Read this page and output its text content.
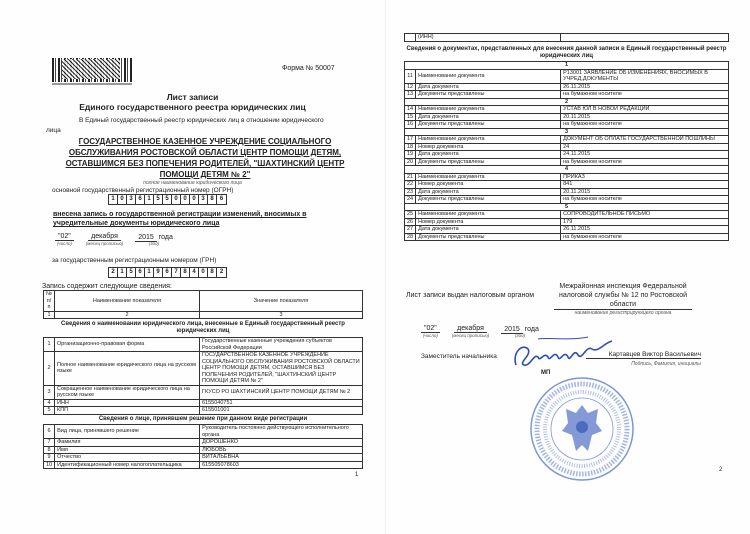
Форма № 50007
Лист записи
Единого государственного реестра юридических лиц
В Единый государственный реестр юридических лиц в отношении юридического
лица
ГОСУДАРСТВЕННОЕ КАЗЕННОЕ УЧРЕЖДЕНИЕ СОЦИАЛЬНОГО ОБСЛУЖИВАНИЯ РОСТОВСКОЙ ОБЛАСТИ ЦЕНТР ПОМОЩИ ДЕТЯМ, ОСТАВШИМСЯ БЕЗ ПОПЕЧЕНИЯ РОДИТЕЛЕЙ, "ШАХТИНСКИЙ ЦЕНТР ПОМОЩИ ДЕТЯМ № 2"
полное наименование юридического лица
основной государственный регистрационный номер (ОГРН)
1 0 3 6 1 5 5 0 0 0 3 8	6
внесена запись о государственной регистрации изменений, вносимых в учредительные документы юридического лица
"02"
(число)
декабря
(месяц прописью)
2015 года
(год)
за государственным регистрационным номером (ГРН)
2 1 5 6 1 9 6 7 8 4 0 8	2
Запись содержит следующие сведения:
№ п/п	Наименование показателя	Значение показателя
1	2	3
Сведения о наименовании юридического лица, внесенные в Единый государственный реестр юридических лиц
1	Организационно-правовая форма	Государственные казенные учреждения субъектов Российской Федерации
2	Полное наименование юридического лица на русском языке	ГОСУДАРСТВЕННОЕ КАЗЕННОЕ УЧРЕЖДЕНИЕ СОЦИАЛЬНОГО ОБСЛУЖИВАНИЯ РОСТОВСКОЙ ОБЛАСТИ ЦЕНТР ПОМОЩИ ДЕТЯМ, ОСТАВШИМСЯ БЕЗ ПОПЕЧЕНИЯ РОДИТЕЛЕЙ, "ШАХТИНСКИЙ ЦЕНТР ПОМОЩИ ДЕТЯМ № 2"
3	Сокращенное наименование юридического лица на русском языке	ГКУСО РО ШАХТИНСКИЙ ЦЕНТР ПОМОЩИ ДЕТЯМ № 2
4	ИНН	6155040751
5	КПП	615501001
Сведения о лице, принявшем решение при данном виде регистрации
6	Вид лица, принявшего решение	Руководитель постоянно действующего исполнительного органа
7	Фамилия	ДОРОШЕНКО
8	Имя	ЛЮБОВЬ
9	Отчество	ВИТАЛЬЕВНА
10	Идентификационный номер налогоплательщика	615505078603
1
	(ИНН)	
Сведения о документах, представленных для внесения данной записи в Единый государственный реестр юридических лиц
1		
11	Наименование документа	Р13001 ЗАЯВЛЕНИЕ ОБ ИЗМЕНЕНИЯХ, ВНОСИМЫХ В УЧРЕД.ДОКУМЕНТЫ
12	Дата документа	26.11.2015
13	Документы представлены	на бумажном носителе
2		
14	Наименование документа	УСТАВ ЮЛ В НОВОЙ РЕДАКЦИИ
15	Дата документа	20.11.2015
16	Документы представлены	на бумажном носителе
3		
17	Наименование документа	ДОКУМЕНТ ОБ ОПЛАТЕ ГОСУДАРСТВЕННОЙ ПОШЛИНЫ
18	Номер документа	24
19	Дата документа	24.11.2015
20	Документы представлены	на бумажном носителе
4		
21	Наименование документа	ПРИКАЗ
22	Номер документа	841
23	Дата документа	20.11.2015
24	Документы представлены	на бумажном носителе
5		
25	Наименование документа	СОПРОВОДИТЕЛЬНОЕ ПИСЬМО
26	Номер документа	179
27	Дата документа	26.11.2015
28	Документы представлены	на бумажном носителе
Лист записи выдан налоговым органом
Межрайонная инспекция Федеральной налоговой службы № 12 по Ростовской области
наименование регистрирующего органа
"02"
(число)
декабря
(месяц прописью)
2015 года
(год)
Заместитель начальника	Картавцев Виктор Васильевич
Подпись, Фамилия, инициалы
МП
2
